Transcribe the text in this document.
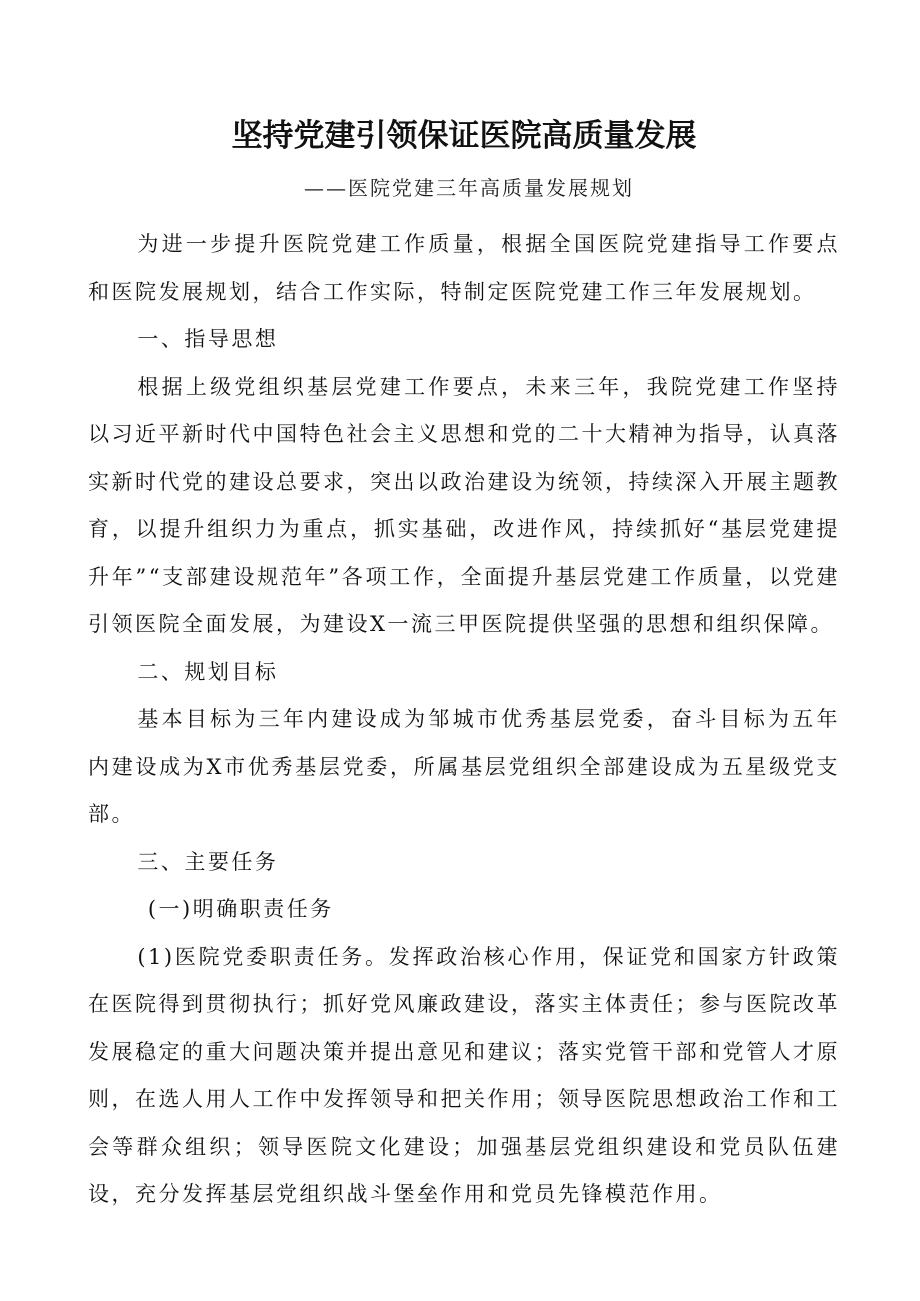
坚持党建引领保证医院高质量发展
——医院党建三年高质量发展规划

为进一步提升医院党建工作质量，根据全国医院党建指导工作要点和医院发展规划，结合工作实际，特制定医院党建工作三年发展规划。

一、指导思想

根据上级党组织基层党建工作要点，未来三年，我院党建工作坚持以习近平新时代中国特色社会主义思想和党的二十大精神为指导，认真落实新时代党的建设总要求，突出以政治建设为统领，持续深入开展主题教育，以提升组织力为重点，抓实基础，改进作风，持续抓好“基层党建提升年”“支部建设规范年”各项工作，全面提升基层党建工作质量，以党建引领医院全面发展，为建设X一流三甲医院提供坚强的思想和组织保障。

二、规划目标

基本目标为三年内建设成为邹城市优秀基层党委，奋斗目标为五年内建设成为X市优秀基层党委，所属基层党组织全部建设成为五星级党支部。

三、主要任务

(一)明确职责任务

(1)医院党委职责任务。发挥政治核心作用，保证党和国家方针政策在医院得到贯彻执行；抓好党风廉政建设，落实主体责任；参与医院改革发展稳定的重大问题决策并提出意见和建议；落实党管干部和党管人才原则，在选人用人工作中发挥领导和把关作用；领导医院思想政治工作和工会等群众组织；领导医院文化建设；加强基层党组织建设和党员队伍建设，充分发挥基层党组织战斗堡垒作用和党员先锋模范作用。
